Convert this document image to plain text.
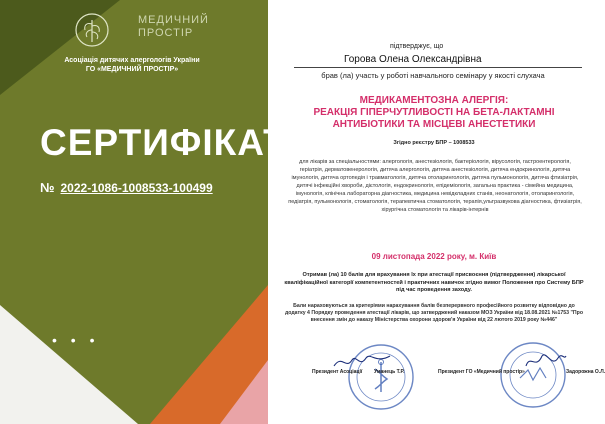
МЕДИЧНИЙ
ПРОСТІР
Асоціація дитячих алергологів України
ГО «МЕДИЧНИЙ ПРОСТІР»
СЕРТИФІКАТ
№ 2022-1086-1008533-100499
• • •
підтверджує, що
Горова Олена Олександрівна
брав (ла) участь у роботі навчального семінару у якості слухача
МЕДИКАМЕНТОЗНА АЛЕРГІЯ:
РЕАКЦІЯ ГІПЕРЧУТЛИВОСТІ НА БЕТА-ЛАКТАМНІ
АНТИБІОТИКИ ТА МІСЦЕВІ АНЕСТЕТИКИ
Згідно реєстру БПР – 1008533
для лікарів за спеціальностями: алергологія, анестезіологія, бактеріологія, вірусологія, гастроентерологія, геріатрія, дерматовенерологія, дитяча алергологія, дитяча анестезіологія, дитяча ендокринологія, дитяча імунологія, дитяча ортопедія і травматологія, дитяча отоларингологія, дитяча пульмонологія, дитяча фтизіатрія, дитячі інфекційні хвороби, дієтологія, ендокринологія, епідеміологія, загальна практика - сімейна медицина, імунологія, клінічна лабораторна діагностика, медицина невідкладних станів, неонатологія, отоларингологія, педіатрія, пульмонологія, стоматологія, терапевтична стоматологія, терапія,ультразвукова діагностика, фтизіатрія, хірургічна стоматологія та лікарів-інтернів
09 листопада 2022 року, м. Київ
Отримав (ла) 10 балів для врахування їх при атестації присвоєння (підтвердження) лікарської кваліфікаційної категорії компетентностей і практичних навичок згідно вимог Положення про Систему БПР під час проведення заходу.
Бали нараховуються за критеріями нарахування балів безперервного професійного розвитку відповідно до додатку 4 Порядку проведення атестації лікарів, що затверджений наказом МОЗ України від 18.08.2021 №1753 "Про внесення змін до наказу Міністерства охорони здоров'я України від 22 лютого 2019 року №446"
Президент Асоціації Уманець Т.Р.	Президент ГО «Медичний простір»	Задорожна О.Л.
